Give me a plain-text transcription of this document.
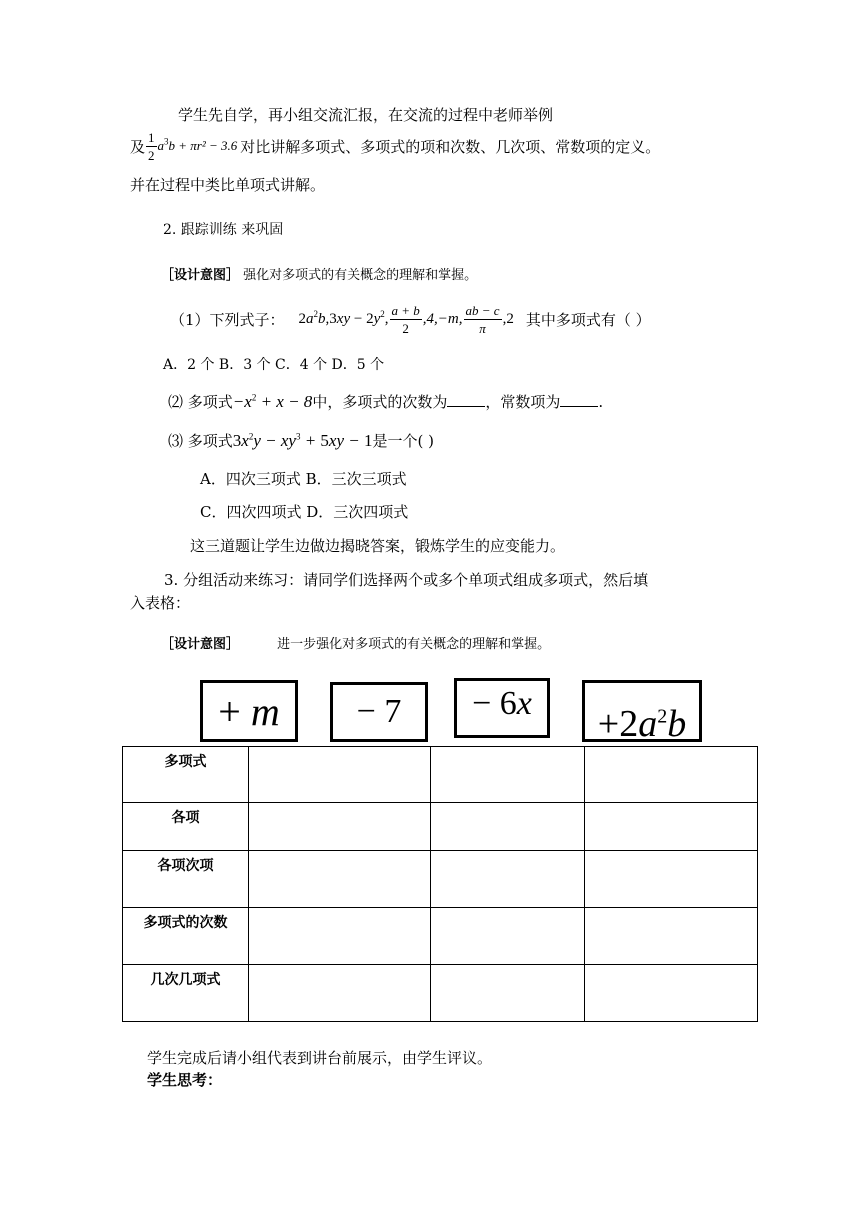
学生先自学，再小组交流汇报，在交流的过程中老师举例
及 $\frac{1}{2} a^3b + \pi r^2 - 3.6$ 对比讲解多项式、多项式的项和次数、几次项、常数项的定义。
并在过程中类比单项式讲解。
2. 跟踪训练 来巩固
［设计意图］ 强化对多项式的有关概念的理解和掌握。
（1）下列式子： $2a^2b,3xy - 2y^2$, $\frac{a + b}{2} ,4,-m$, $\frac{ab - c}{\pi} ,2$ 其中多项式有（ ）
A．2 个 B．3 个 C．4 个 D．5 个
⑵ 多项式$-x^2 + x - 8$中，多项式的次数为	，常数项为	.
⑶ 多项式$3x^2y - xy^3 + 5xy - 1$是一个( )
A．四次三项式 B．三次三项式
C．四次四项式 D．三次四项式
这三道题让学生边做边揭晓答案，锻炼学生的应变能力。
3. 分组活动来练习：请同学们选择两个或多个单项式组成多项式，然后填
入表格：
［设计意图］	进一步强化对多项式的有关概念的理解和掌握。
+ $m - 7 - 6x +2a^2b$
多项式			
各项			
各项次项			
多项式的次数			
几次几项式			
学生完成后请小组代表到讲台前展示，由学生评议。
学生思考：
